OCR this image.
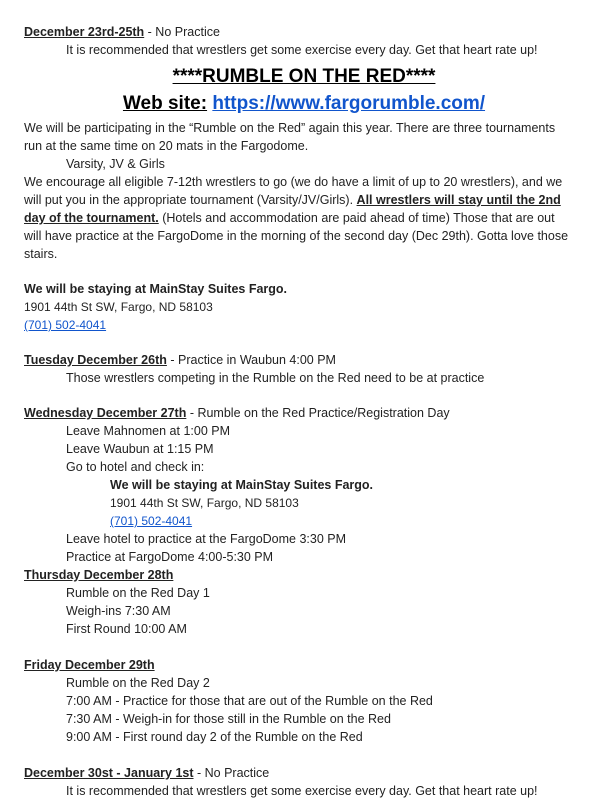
December 23rd-25th - No Practice
It is recommended that wrestlers get some exercise every day. Get that heart rate up!
****RUMBLE ON THE RED****
Web site: https://www.fargorumble.com/
We will be participating in the “Rumble on the Red” again this year. There are three tournaments run at the same time on 20 mats in the Fargodome.
Varsity, JV & Girls
We encourage all eligible 7-12th wrestlers to go (we do have a limit of up to 20 wrestlers), and we will put you in the appropriate tournament (Varsity/JV/Girls). All wrestlers will stay until the 2nd day of the tournament. (Hotels and accommodation are paid ahead of time) Those that are out will have practice at the FargoDome in the morning of the second day (Dec 29th). Gotta love those stairs.
We will be staying at MainStay Suites Fargo.
1901 44th St SW, Fargo, ND 58103
(701) 502-4041
Tuesday December 26th - Practice in Waubun 4:00 PM
Those wrestlers competing in the Rumble on the Red need to be at practice
Wednesday December 27th - Rumble on the Red Practice/Registration Day
Leave Mahnomen at 1:00 PM
Leave Waubun at 1:15 PM
Go to hotel and check in:
We will be staying at MainStay Suites Fargo.
1901 44th St SW, Fargo, ND 58103
(701) 502-4041
Leave hotel to practice at the FargoDome 3:30 PM
Practice at FargoDome 4:00-5:30 PM
Thursday December 28th
Rumble on the Red Day 1
Weigh-ins 7:30 AM
First Round 10:00 AM
Friday December 29th
Rumble on the Red Day 2
7:00 AM - Practice for those that are out of the Rumble on the Red
7:30 AM - Weigh-in for those still in the Rumble on the Red
9:00 AM - First round day 2 of the Rumble on the Red
December 30st - January 1st - No Practice
It is recommended that wrestlers get some exercise every day. Get that heart rate up!
